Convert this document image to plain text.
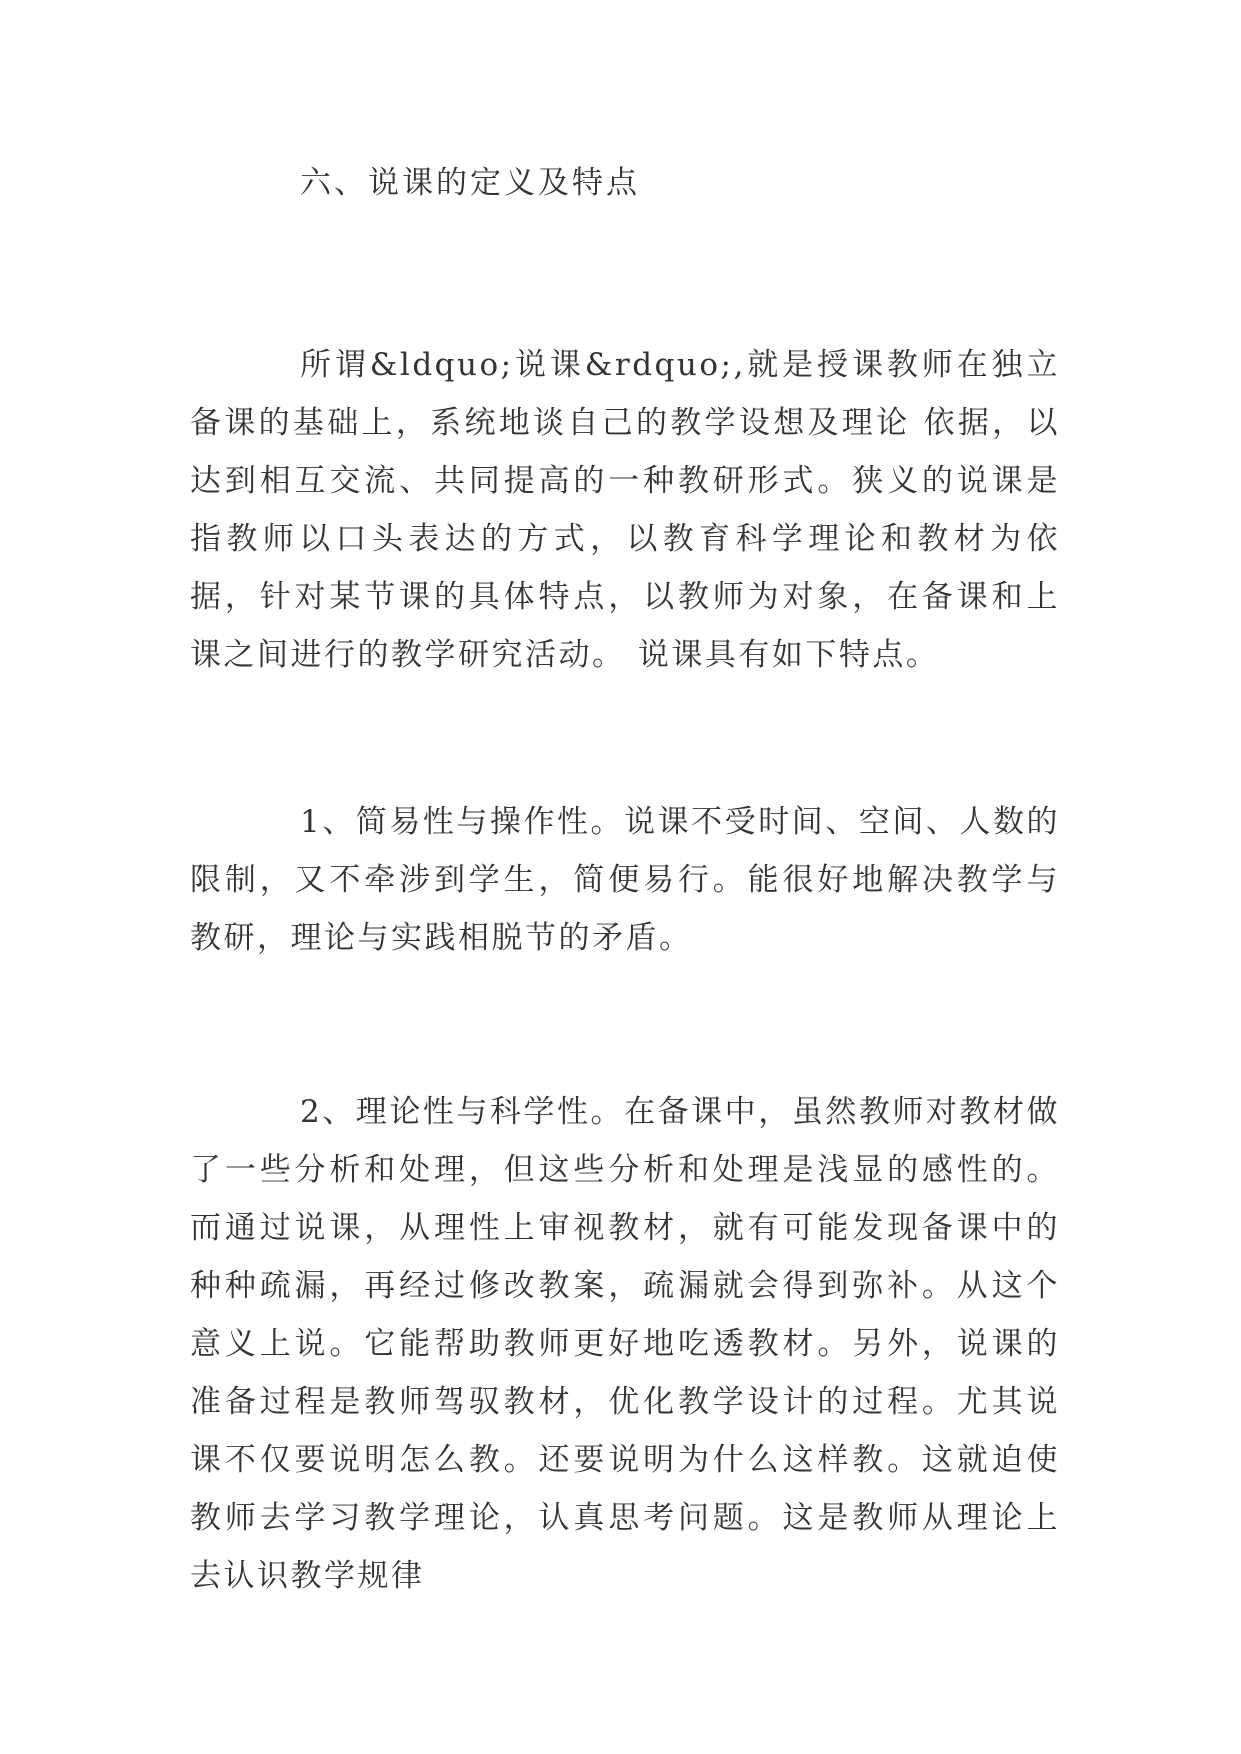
六、说课的定义及特点

所谓&ldquo;说课&rdquo;,就是授课教师在独立备课的基础上，系统地谈自己的教学设想及理论 依据，以达到相互交流、共同提高的一种教研形式。狭义的说课是指教师以口头表达的方式，以教育科学理论和教材为依据，针对某节课的具体特点，以教师为对象，在备课和上课之间进行的教学研究活动。 说课具有如下特点。

1、简易性与操作性。说课不受时间、空间、人数的限制，又不牵涉到学生，简便易行。能很好地解决教学与教研，理论与实践相脱节的矛盾。

2、理论性与科学性。在备课中，虽然教师对教材做了一些分析和处理，但这些分析和处理是浅显的感性的。而通过说课，从理性上审视教材，就有可能发现备课中的种种疏漏，再经过修改教案，疏漏就会得到弥补。从这个意义上说。它能帮助教师更好地吃透教材。另外，说课的准备过程是教师驾驭教材，优化教学设计的过程。尤其说课不仅要说明怎么教。还要说明为什么这样教。这就迫使教师去学习教学理论，认真思考问题。这是教师从理论上去认识教学规律
